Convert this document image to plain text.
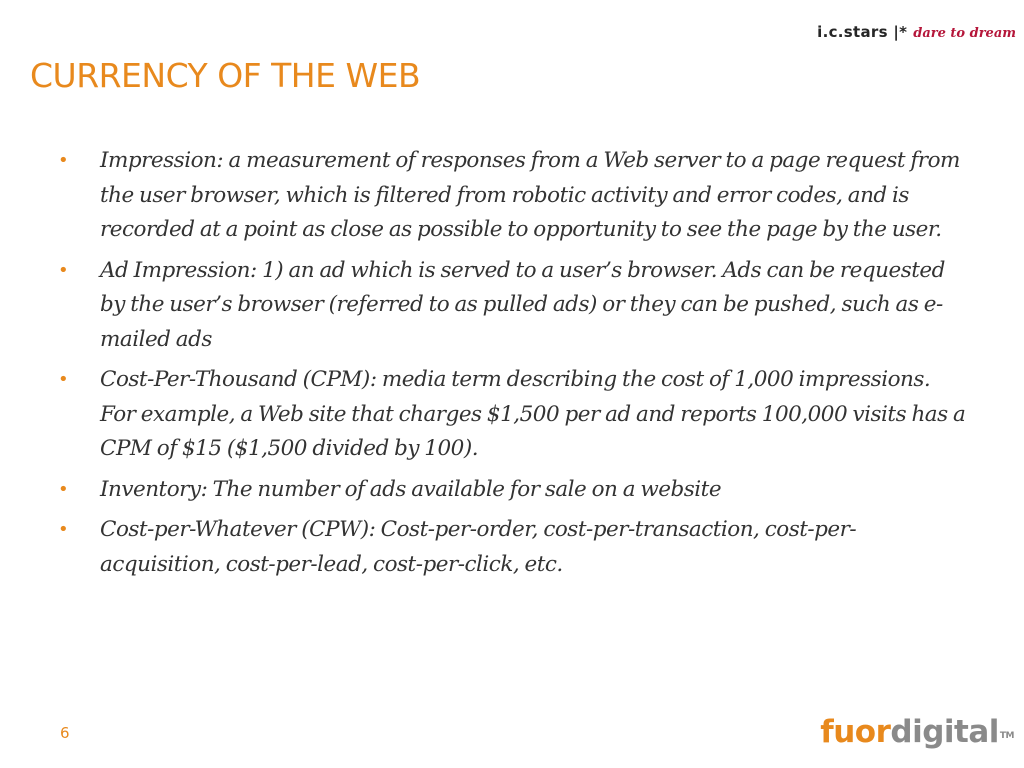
i.c.stars |* dare to dream
CURRENCY OF THE WEB
•	Impression: a measurement of responses from a Web server to a page request from the user browser, which is filtered from robotic activity and error codes, and is recorded at a point as close as possible to opportunity to see the page by the user.
•	Ad Impression: 1) an ad which is served to a user’s browser. Ads can be requested by the user’s browser (referred to as pulled ads) or they can be pushed, such as e-mailed ads
•	Cost-Per-Thousand (CPM): media term describing the cost of 1,000 impressions. For example, a Web site that charges $1,500 per ad and reports 100,000 visits has a CPM of $15 ($1,500 divided by 100).
•	Inventory: The number of ads available for sale on a website
•	Cost-per-Whatever (CPW): Cost-per-order, cost-per-transaction, cost-per-acquisition, cost-per-lead, cost-per-click, etc.
6	fuordigital™
